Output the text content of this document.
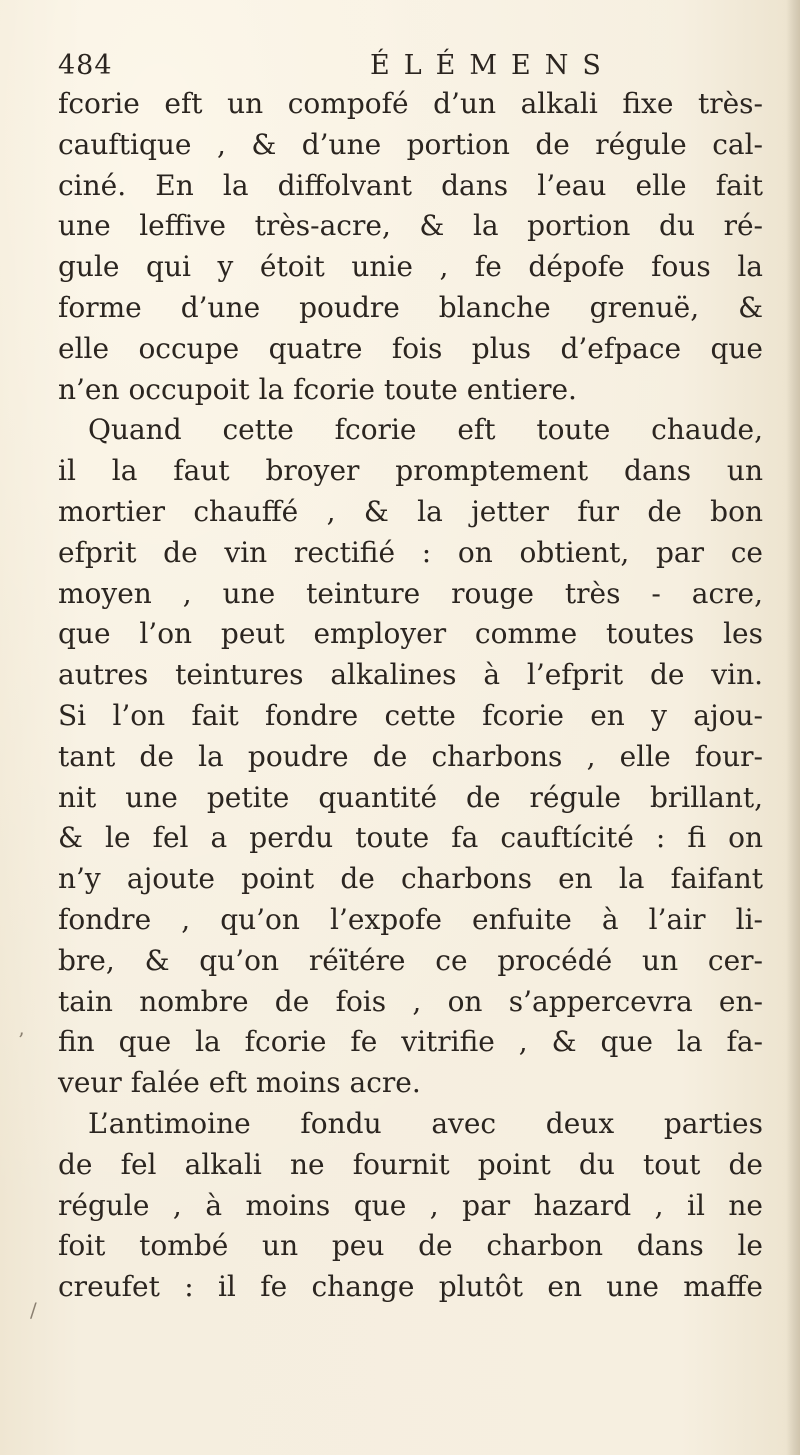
484	ÉLÉMENS
’
/
fcorie eft un compofé d’un alkali fixe très-
cauftique , & d’une portion de régule cal-
ciné. En la diffolvant dans l’eau elle fait
une leffive très-acre, & la portion du ré-
gule qui y étoit unie , fe dépofe fous la
forme d’une poudre blanche grenuë, &
elle occupe quatre fois plus d’efpace que
n’en occupoit la fcorie toute entiere.
Quand cette fcorie eft toute chaude,
il la faut broyer promptement dans un
mortier chauffé , & la jetter fur de bon
efprit de vin rectifié : on obtient, par ce
moyen , une teinture rouge très - acre,
que l’on peut employer comme toutes les
autres teintures alkalines à l’efprit de vin.
Si l’on fait fondre cette fcorie en y ajou-
tant de la poudre de charbons , elle four-
nit une petite quantité de régule brillant,
& le fel a perdu toute fa cauftícité : fi on
n’y ajoute point de charbons en la faifant
fondre , qu’on l’expofe enfuite à l’air li-
bre, & qu’on réïtére ce procédé un cer-
tain nombre de fois , on s’appercevra en-
fin que la fcorie fe vitrifie , & que la fa-
veur falée eft moins acre.
L’antimoine fondu avec deux parties
de fel alkali ne fournit point du tout de
régule , à moins que , par hazard , il ne
foit tombé un peu de charbon dans le
creufet : il fe change plutôt en une maffe
